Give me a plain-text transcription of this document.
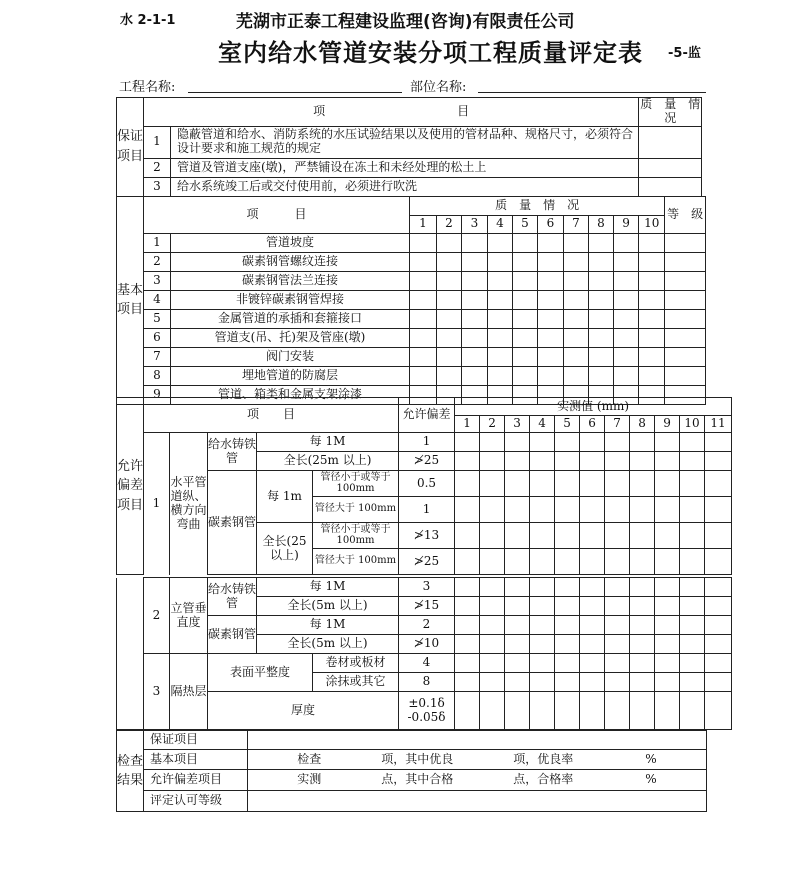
水 2-1-1	芜湖市正泰工程建设监理(咨询)有限责任公司
室内给水管道安装分项工程质量评定表 -5-监
工程名称:	部位名称:
保证项目	项　　　　　　　　　　　目											质　量　情　况	
	1	隐蔽管道和给水、消防系统的水压试验结果以及使用的管材品种、规格尺寸，必须符合设计要求和施工规范的规定											
	2	管道及管道支座(墩)，严禁铺设在冻土和未经处理的松土上											
	3	给水系统竣工后或交付使用前，必须进行吹洗											
基本项目	项　　　目		质　量　情　况										等　级
			1	2	3	4	5	6	7	8	9	10	
	1	管道坡度											
	2	碳素钢管螺纹连接											
	3	碳素钢管法兰连接											
	4	非镀锌碳素钢管焊接											
	5	金属管道的承插和套箍接口											
	6	管道支(吊、托)架及管座(墩)											
	7	阀门安装											
	8	埋地管道的防腐层											
	9	管道、箱类和金属支架涂漆											
允许偏差项目	项　　目					允许偏差	实测值 (mm)										
							1	2	3	4	5	6	7	8	9	10	11
	1	水平管道纵、横方向弯曲	给水铸铁管	每 1M		1											
				全长(25m 以上)		≯25											
			碳素钢管	每 1m	管径小于或等于 100mm	0.5											
					管径大于 100mm	1											
				全长(25 以上)	管径小于或等于 100mm	≯13											
					管径大于 100mm	≯25											
	2	立管垂直度	给水铸铁管	每 1M		3											
				全长(5m 以上)		≯15											
			碳素钢管	每 1M		2											
				全长(5m 以上)		≯10											
	3	隔热层	表面平整度		卷材或板材	4											
					涂抹或其它	8											
			厚度			±0.1δ
-0.05δ											

检查结果	保证项目	
	基本项目	检查　　　　　项，其中优良　　　　　项，优良率　　　　　　%
	允许偏差项目	实测　　　　　点，其中合格　　　　　点，合格率　　　　　　%
	评定认可等级	
